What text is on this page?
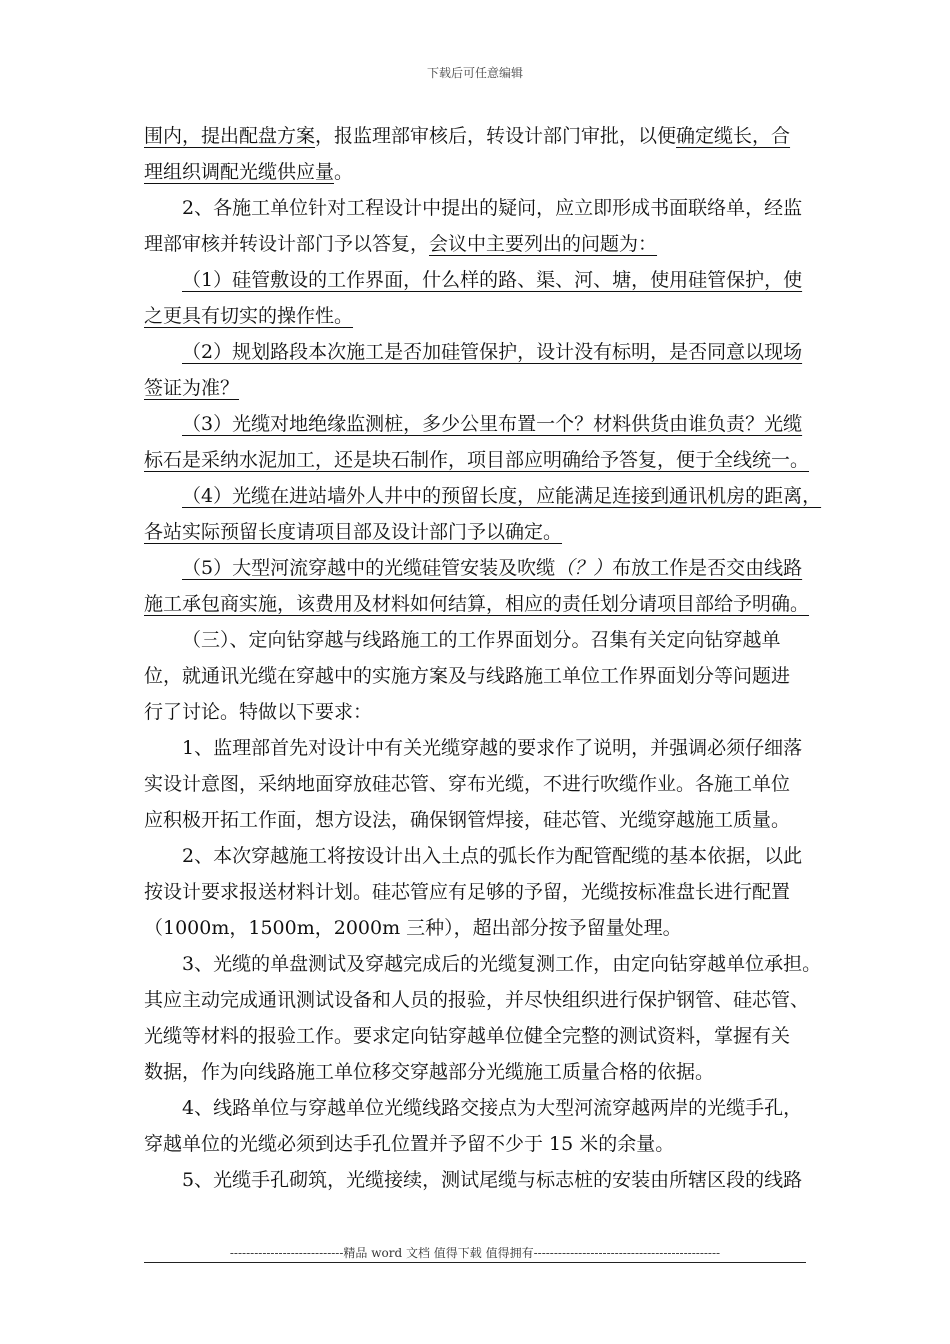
下载后可任意编辑
围内，提出配盘方案，报监理部审核后，转设计部门审批，以便确定缆长，合
理组织调配光缆供应量。
2、各施工单位针对工程设计中提出的疑问，应立即形成书面联络单，经监
理部审核并转设计部门予以答复，会议中主要列出的问题为：
（1）硅管敷设的工作界面，什么样的路、渠、河、塘，使用硅管保护，使
之更具有切实的操作性。
（2）规划路段本次施工是否加硅管保护，设计没有标明，是否同意以现场
签证为准？
（3）光缆对地绝缘监测桩，多少公里布置一个？材料供货由谁负责？光缆
标石是采纳水泥加工，还是块石制作，项目部应明确给予答复，便于全线统一。
（4）光缆在进站墙外人井中的预留长度，应能满足连接到通讯机房的距离，
各站实际预留长度请项目部及设计部门予以确定。
（5）大型河流穿越中的光缆硅管安装及吹缆（？）布放工作是否交由线路
施工承包商实施，该费用及材料如何结算，相应的责任划分请项目部给予明确。
（三）、定向钻穿越与线路施工的工作界面划分。召集有关定向钻穿越单
位，就通讯光缆在穿越中的实施方案及与线路施工单位工作界面划分等问题进
行了讨论。特做以下要求：
1、监理部首先对设计中有关光缆穿越的要求作了说明，并强调必须仔细落
实设计意图，采纳地面穿放硅芯管、穿布光缆，不进行吹缆作业。各施工单位
应积极开拓工作面，想方设法，确保钢管焊接，硅芯管、光缆穿越施工质量。
2、本次穿越施工将按设计出入土点的弧长作为配管配缆的基本依据，以此
按设计要求报送材料计划。硅芯管应有足够的予留，光缆按标准盘长进行配置
（1000m，1500m，2000m 三种），超出部分按予留量处理。
3、光缆的单盘测试及穿越完成后的光缆复测工作，由定向钻穿越单位承担。
其应主动完成通讯测试设备和人员的报验，并尽快组织进行保护钢管、硅芯管、
光缆等材料的报验工作。要求定向钻穿越单位健全完整的测试资料，掌握有关
数据，作为向线路施工单位移交穿越部分光缆施工质量合格的依据。
4、线路单位与穿越单位光缆线路交接点为大型河流穿越两岸的光缆手孔，
穿越单位的光缆必须到达手孔位置并予留不少于 15 米的余量。
5、光缆手孔砌筑，光缆接续，测试尾缆与标志桩的安装由所辖区段的线路
----------------------------精品 word 文档 值得下载 值得拥有----------------------------------------------
